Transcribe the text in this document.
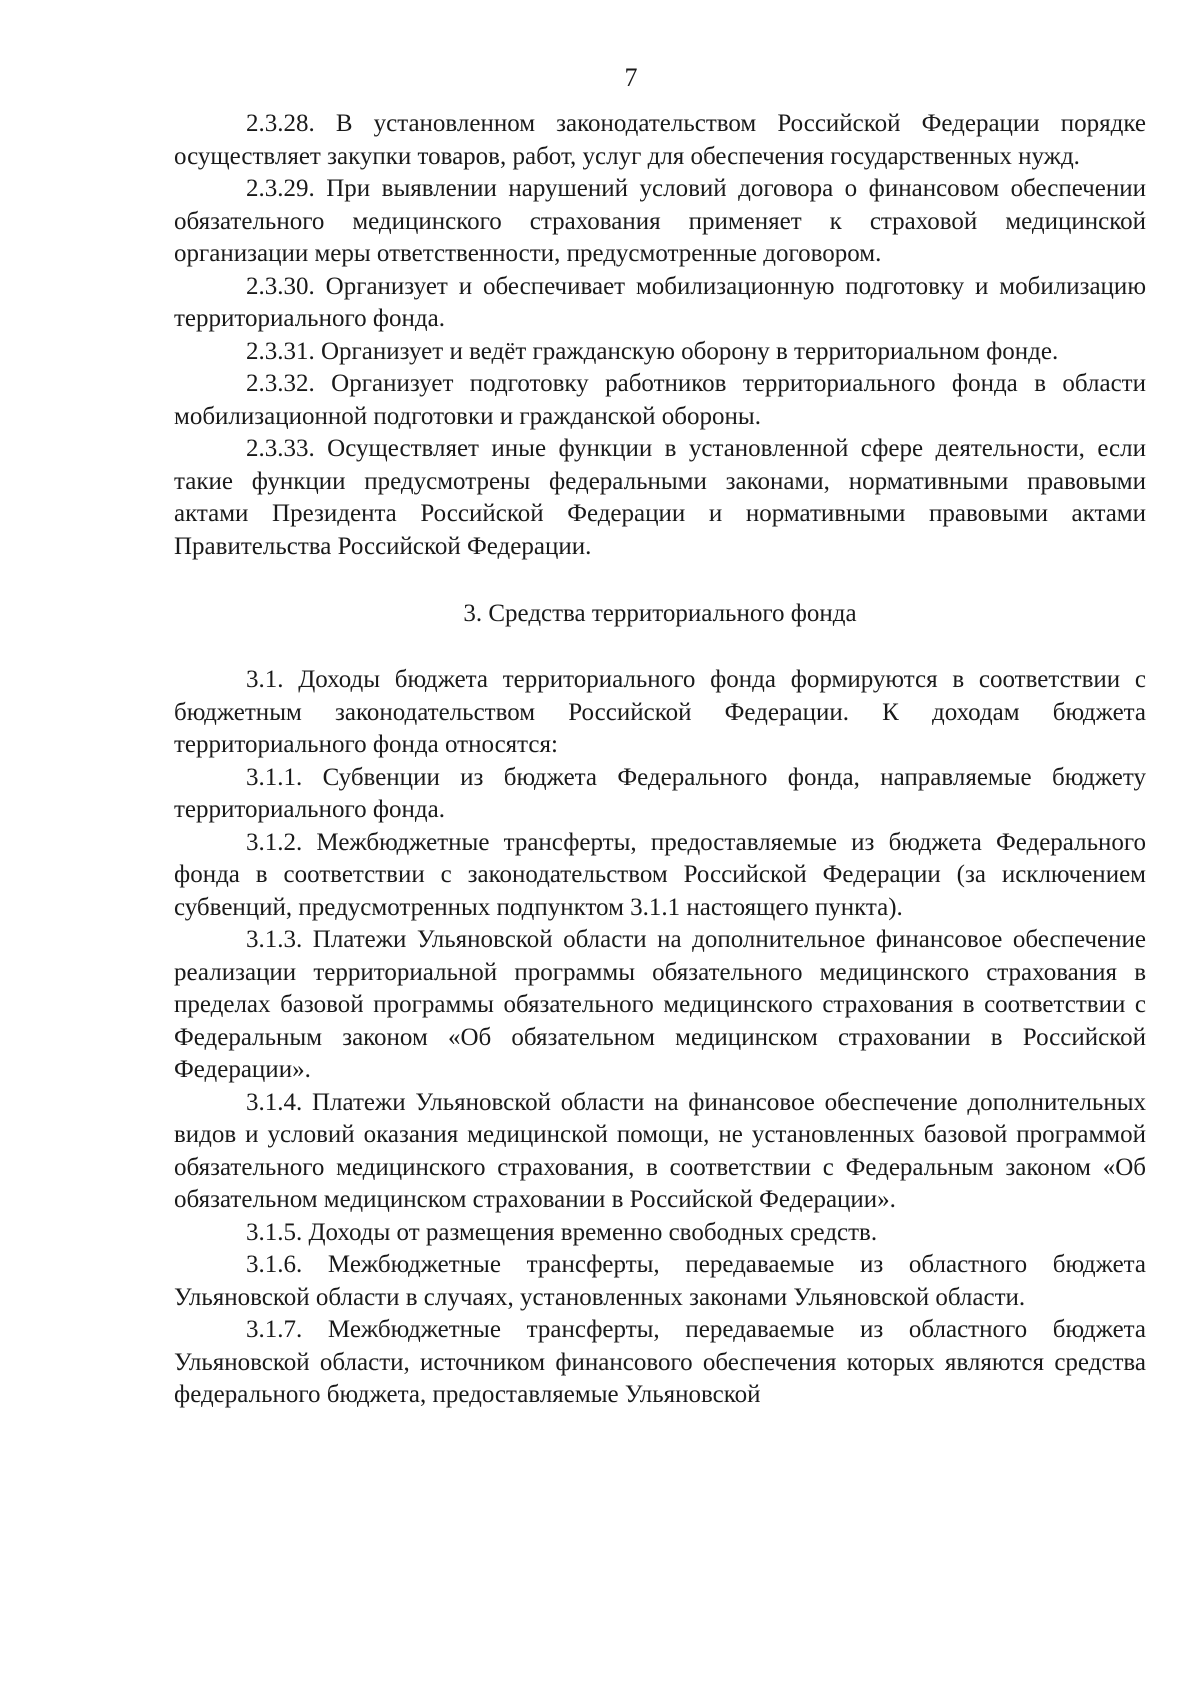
7

2.3.28. В установленном законодательством Российской Федерации порядке осуществляет закупки товаров, работ, услуг для обеспечения государственных нужд.

2.3.29. При выявлении нарушений условий договора о финансовом обеспечении обязательного медицинского страхования применяет к страховой медицинской организации меры ответственности, предусмотренные договором.

2.3.30. Организует и обеспечивает мобилизационную подготовку и мобилизацию территориального фонда.

2.3.31. Организует и ведёт гражданскую оборону в территориальном фонде.

2.3.32. Организует подготовку работников территориального фонда в области мобилизационной подготовки и гражданской обороны.

2.3.33. Осуществляет иные функции в установленной сфере деятельности, если такие функции предусмотрены федеральными законами, нормативными правовыми актами Президента Российской Федерации и нормативными правовыми актами Правительства Российской Федерации.

3. Средства территориального фонда

3.1. Доходы бюджета территориального фонда формируются в соответствии с бюджетным законодательством Российской Федерации. К доходам бюджета территориального фонда относятся:

3.1.1. Субвенции из бюджета Федерального фонда, направляемые бюджету территориального фонда.

3.1.2. Межбюджетные трансферты, предоставляемые из бюджета Федерального фонда в соответствии с законодательством Российской Федерации (за исключением субвенций, предусмотренных подпунктом 3.1.1 настоящего пункта).

3.1.3. Платежи Ульяновской области на дополнительное финансовое обеспечение реализации территориальной программы обязательного медицинского страхования в пределах базовой программы обязательного медицинского страхования в соответствии с Федеральным законом «Об обязательном медицинском страховании в Российской Федерации».

3.1.4. Платежи Ульяновской области на финансовое обеспечение дополнительных видов и условий оказания медицинской помощи, не установленных базовой программой обязательного медицинского страхования, в соответствии с Федеральным законом «Об обязательном медицинском страховании в Российской Федерации».

3.1.5. Доходы от размещения временно свободных средств.

3.1.6. Межбюджетные трансферты, передаваемые из областного бюджета Ульяновской области в случаях, установленных законами Ульяновской области.

3.1.7. Межбюджетные трансферты, передаваемые из областного бюджета Ульяновской области, источником финансового обеспечения которых являются средства федерального бюджета, предоставляемые Ульяновской
